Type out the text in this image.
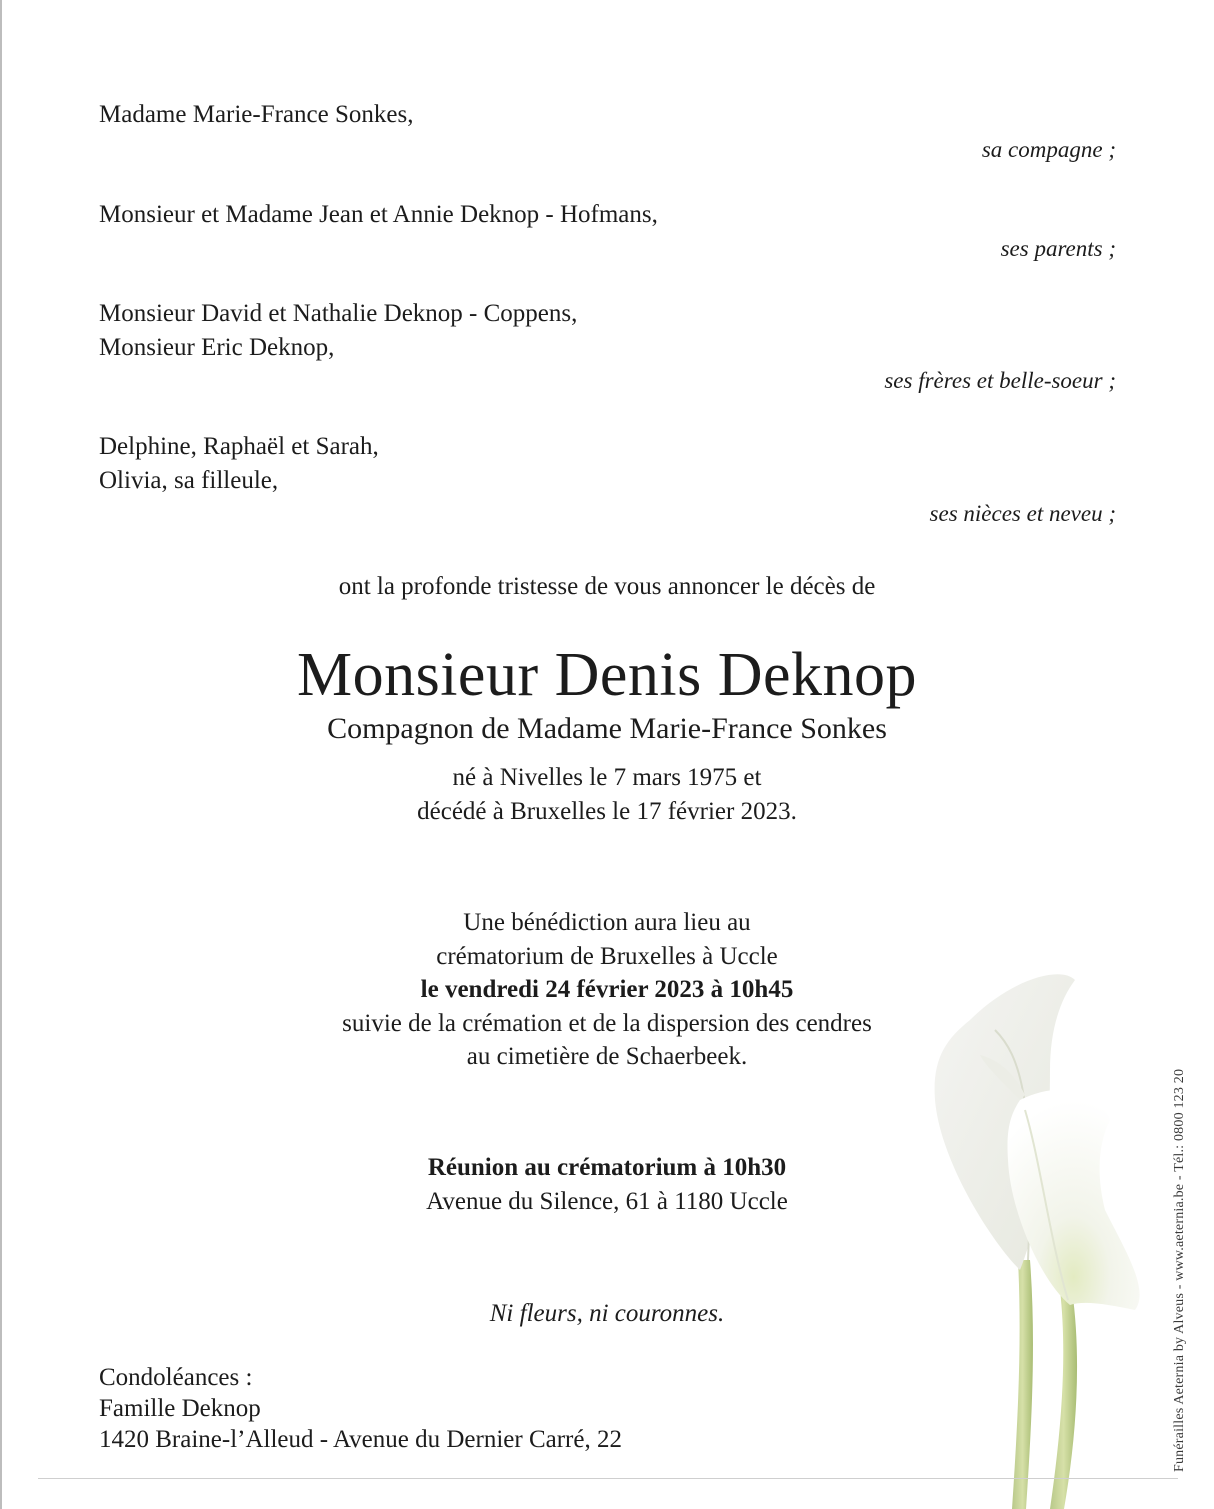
Madame Marie-France Sonkes,
sa compagne ;
Monsieur et Madame Jean et Annie Deknop - Hofmans,
ses parents ;
Monsieur David et Nathalie Deknop - Coppens,
Monsieur Eric Deknop,
ses frères et belle-soeur ;
Delphine, Raphaël et Sarah,
Olivia, sa filleule,
ses nièces et neveu ;
ont la profonde tristesse de vous annoncer le décès de
Monsieur Denis Deknop
Compagnon de Madame Marie-France Sonkes
né à Nivelles le 7 mars 1975 et
décédé à Bruxelles le 17 février 2023.
Une bénédiction aura lieu au
crématorium de Bruxelles à Uccle
le vendredi 24 février 2023 à 10h45
suivie de la crémation et de la dispersion des cendres
au cimetière de Schaerbeek.
Réunion au crématorium à 10h30
Avenue du Silence, 61 à 1180 Uccle
Ni fleurs, ni couronnes.
Condoléances :
Famille Deknop
1420 Braine-l’Alleud - Avenue du Dernier Carré, 22	Funérailles Aeternia by Alveus - www.aeternia.be - Tél.: 0800 123 20
